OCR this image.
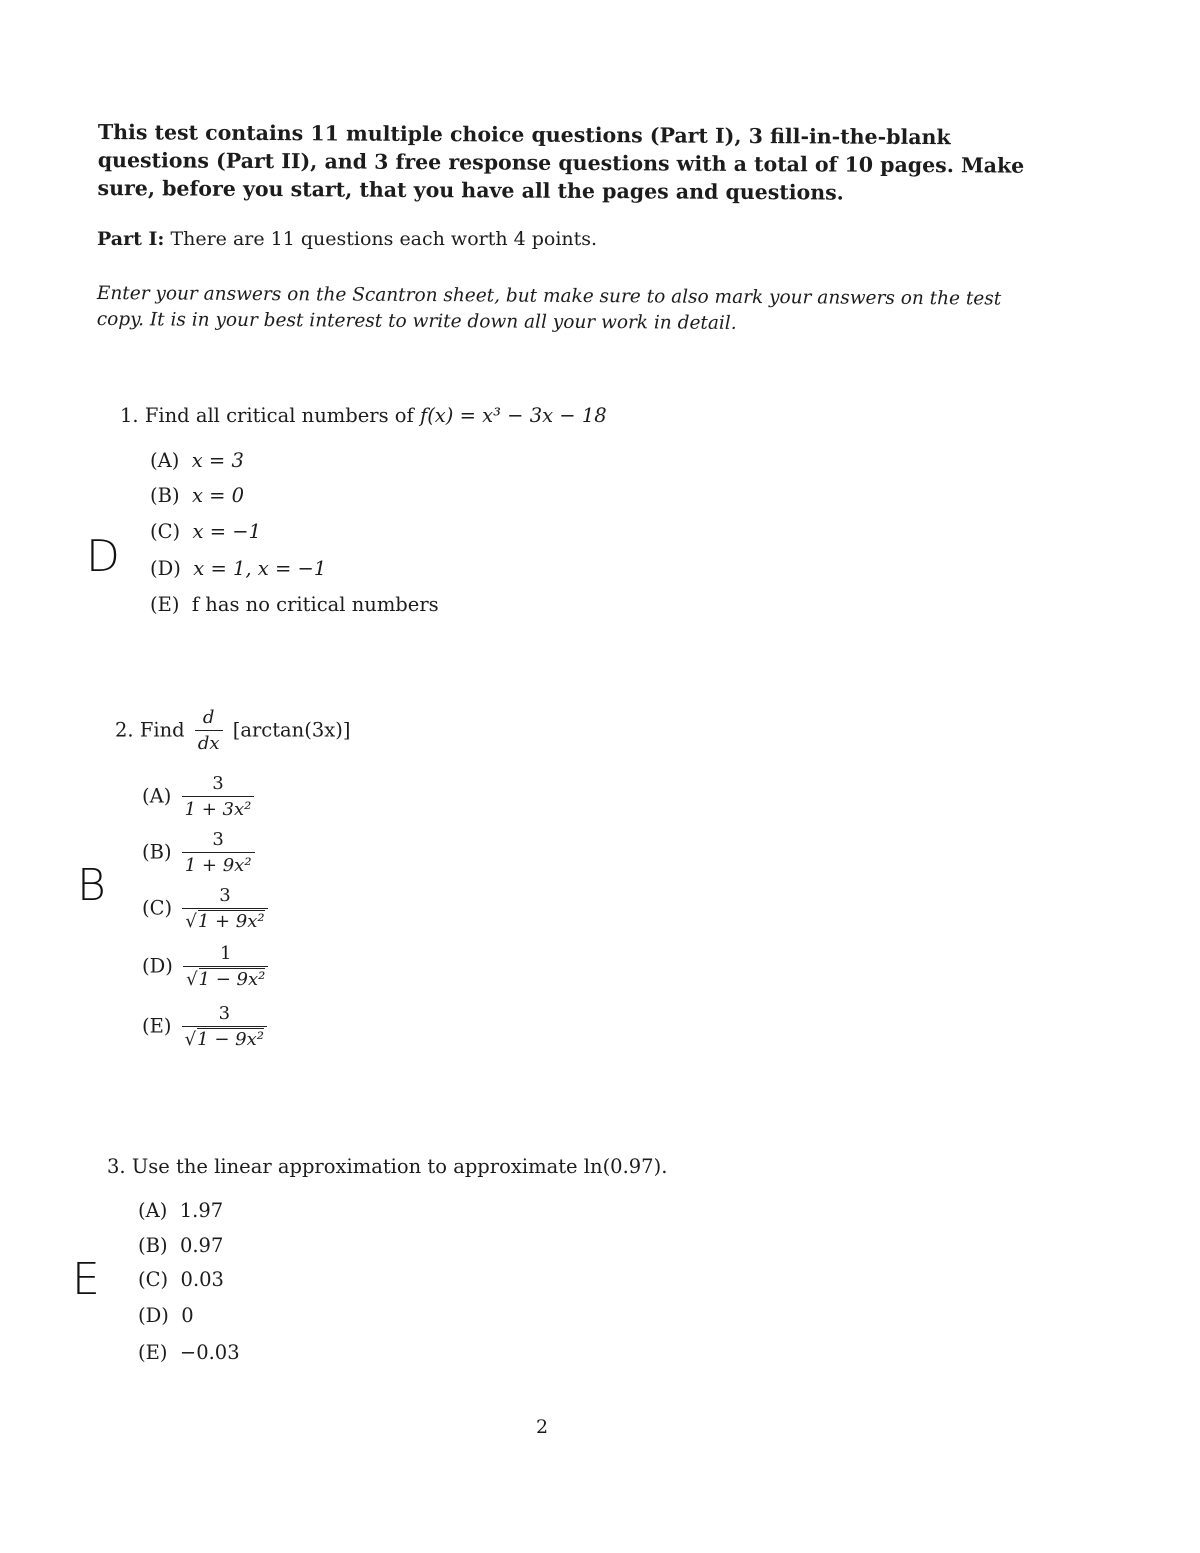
This test contains 11 multiple choice questions (Part I), 3 fill-in-the-blank questions (Part II), and 3 free response questions with a total of 10 pages. Make sure, before you start, that you have all the pages and questions.
Part I: There are 11 questions each worth 4 points.
Enter your answers on the Scantron sheet, but make sure to also mark your answers on the test copy. It is in your best interest to write down all your work in detail.
1. Find all critical numbers of f(x) = x³ − 3x − 18
(A) x = 3
(B) x = 0
(C) x = −1
(D) x = 1, x = −1
(E) f has no critical numbers
D
2. Find $\frac{d}{dx} [\arctan(3x)]$
$(A) \frac{3}{\text{1 + 3x²}}$
$(B) \frac{3}{\text{1 + 9x²}}$
$(C) \frac{3}{\text{√1 + 9x²}}$
$(D) \frac{1}{\text{√1 − 9x²}}$
$(E) \frac{3}{\text{√1 − 9x²}}$
B
3. Use the linear approximation to approximate ln(0.97).
(A) 1.97
(B) 0.97
(C) 0.03
(D) 0
(E) −0.03
E
2
